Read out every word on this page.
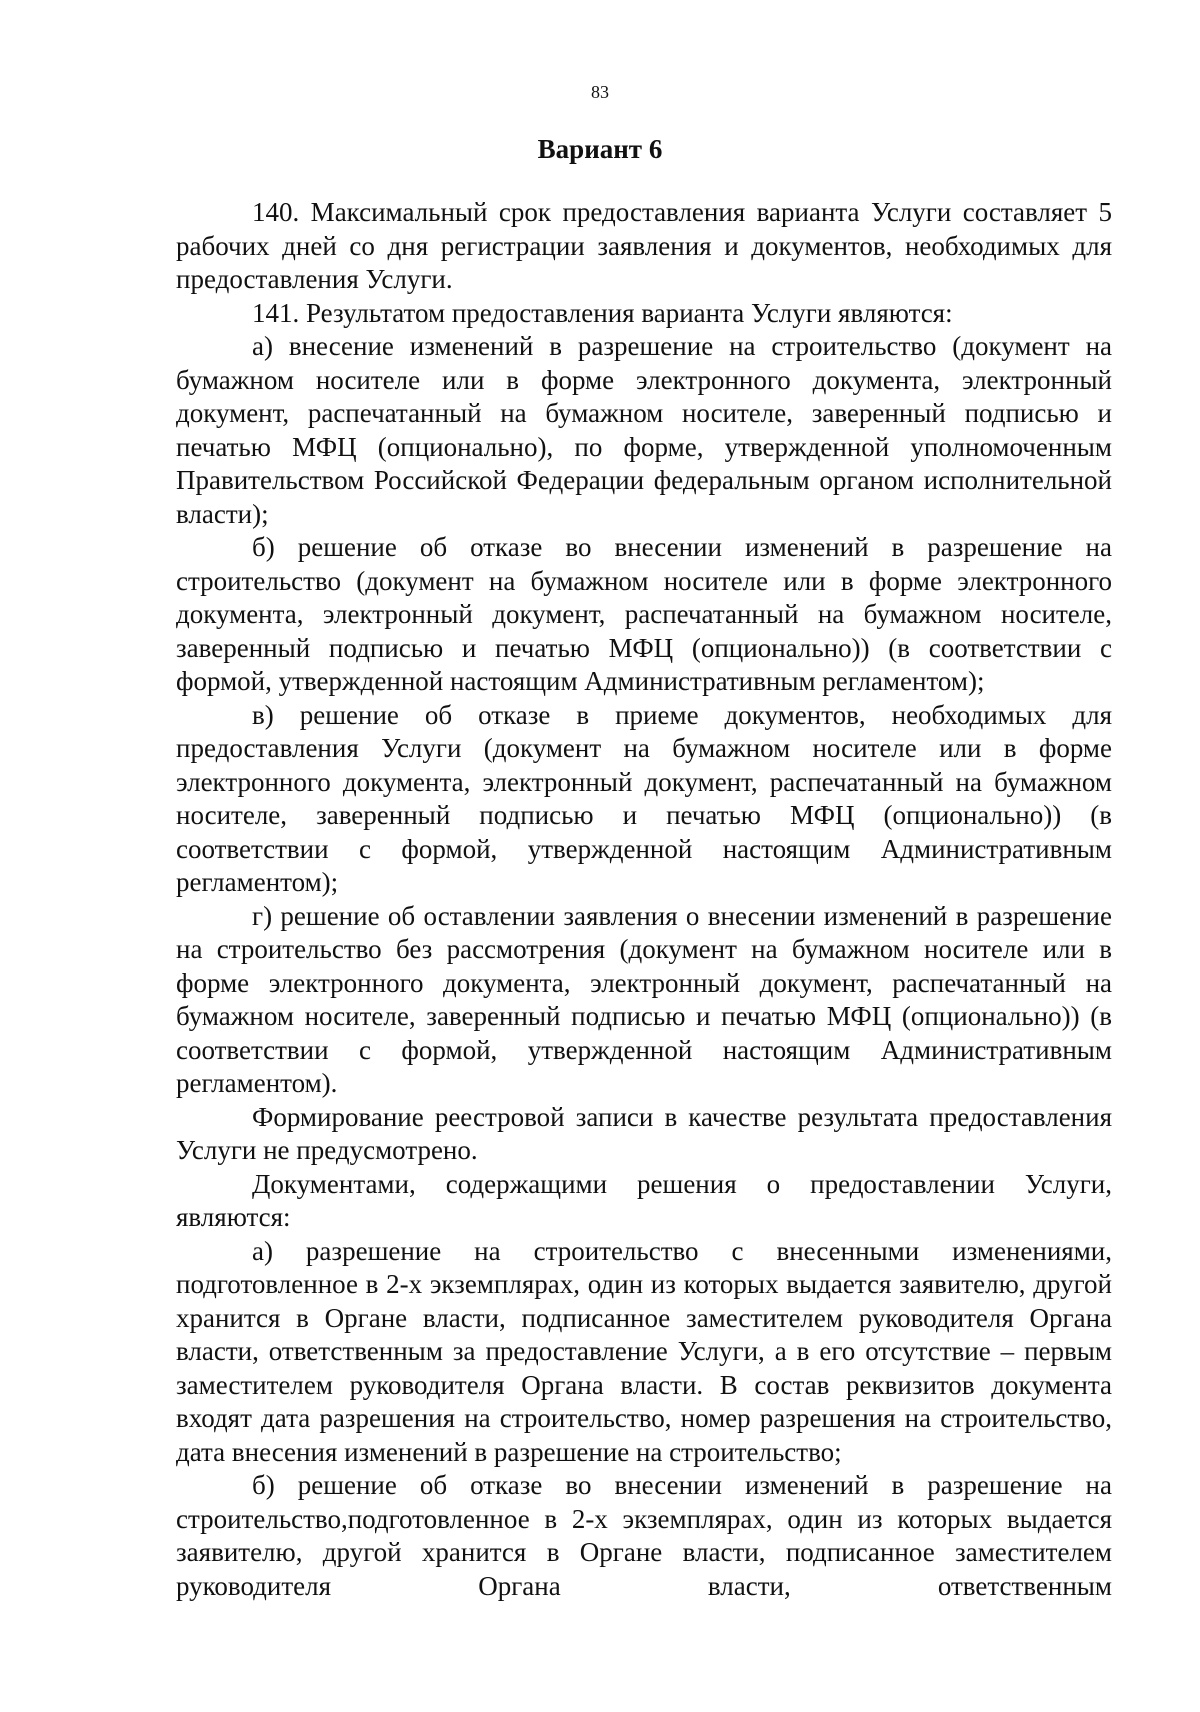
83
Вариант 6

140. Максимальный срок предоставления варианта Услуги составляет 5 рабочих дней со дня регистрации заявления и документов, необходимых для предоставления Услуги.

141. Результатом предоставления варианта Услуги являются:

а) внесение изменений в разрешение на строительство (документ на бумажном носителе или в форме электронного документа, электронный документ, распечатанный на бумажном носителе, заверенный подписью и печатью МФЦ (опционально), по форме, утвержденной уполномоченным Правительством Российской Федерации федеральным органом исполнительной власти);

б) решение об отказе во внесении изменений в разрешение на строительство (документ на бумажном носителе или в форме электронного документа, электронный документ, распечатанный на бумажном носителе, заверенный подписью и печатью МФЦ (опционально)) (в соответствии с формой, утвержденной настоящим Административным регламентом);

в) решение об отказе в приеме документов, необходимых для предоставления Услуги (документ на бумажном носителе или в форме электронного документа, электронный документ, распечатанный на бумажном носителе, заверенный подписью и печатью МФЦ (опционально)) (в соответствии с формой, утвержденной настоящим Административным регламентом);

г) решение об оставлении заявления о внесении изменений в разрешение на строительство без рассмотрения (документ на бумажном носителе или в форме электронного документа, электронный документ, распечатанный на бумажном носителе, заверенный подписью и печатью МФЦ (опционально)) (в соответствии с формой, утвержденной настоящим Административным регламентом).

Формирование реестровой записи в качестве результата предоставления Услуги не предусмотрено.

Документами, содержащими решения о предоставлении Услуги, являются:

а) разрешение на строительство с внесенными изменениями, подготовленное в 2-х экземплярах, один из которых выдается заявителю, другой хранится в Органе власти, подписанное заместителем руководителя Органа власти, ответственным за предоставление Услуги, а в его отсутствие – первым заместителем руководителя Органа власти. В состав реквизитов документа входят дата разрешения на строительство, номер разрешения на строительство, дата внесения изменений в разрешение на строительство;

б) решение об отказе во внесении изменений в разрешение на строительство,подготовленное в 2-х экземплярах, один из которых выдается заявителю, другой хранится в Органе власти, подписанное заместителем руководителя Органа власти, ответственным
